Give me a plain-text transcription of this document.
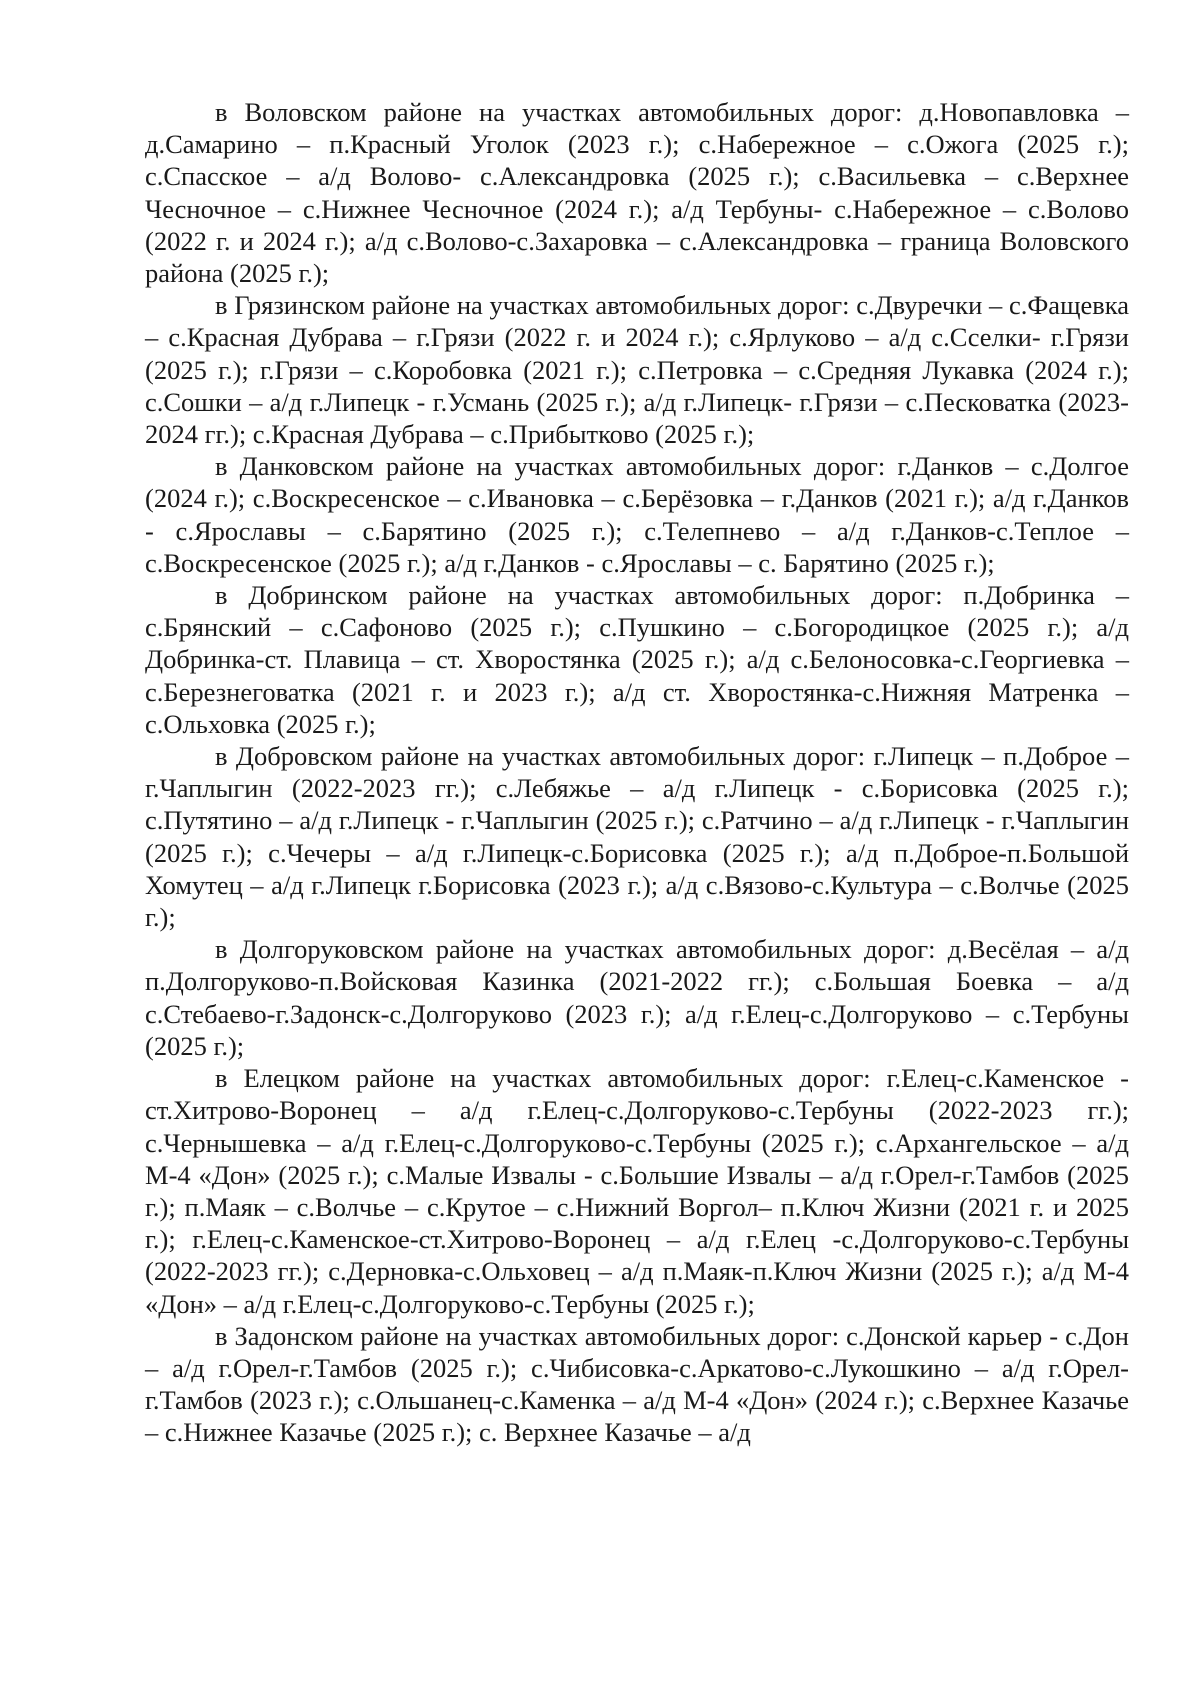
в Воловском районе на участках автомобильных дорог: д.Новопавловка – д.Самарино – п.Красный Уголок (2023 г.); с.Набережное – с.Ожога (2025 г.); с.Спасское – а/д Волово- с.Александровка (2025 г.); с.Васильевка – с.Верхнее Чесночное – с.Нижнее Чесночное (2024 г.); а/д Тербуны- с.Набережное – с.Волово (2022 г. и 2024 г.); а/д с.Волово-с.Захаровка – с.Александровка – граница Воловского района (2025 г.);

в Грязинском районе на участках автомобильных дорог: с.Двуречки – с.Фащевка – с.Красная Дубрава – г.Грязи (2022 г. и 2024 г.); с.Ярлуково – а/д с.Сселки- г.Грязи (2025 г.); г.Грязи – с.Коробовка (2021 г.); с.Петровка – с.Средняя Лукавка (2024 г.); с.Сошки – а/д г.Липецк - г.Усмань (2025 г.); а/д г.Липецк- г.Грязи – с.Песковатка (2023-2024 гг.); с.Красная Дубрава – с.Прибытково (2025 г.);

в Данковском районе на участках автомобильных дорог: г.Данков – с.Долгое (2024 г.); с.Воскресенское – с.Ивановка – с.Берёзовка – г.Данков (2021 г.); а/д г.Данков - с.Ярославы – с.Барятино (2025 г.); с.Телепнево – а/д г.Данков-с.Теплое – с.Воскресенское (2025 г.); а/д г.Данков - с.Ярославы – с. Барятино (2025 г.);

в Добринском районе на участках автомобильных дорог: п.Добринка – с.Брянский – с.Сафоново (2025 г.); с.Пушкино – с.Богородицкое (2025 г.); а/д Добринка-ст. Плавица – ст. Хворостянка (2025 г.); а/д с.Белоносовка-с.Георгиевка – с.Березнеговатка (2021 г. и 2023 г.); а/д ст. Хворостянка-с.Нижняя Матренка – с.Ольховка (2025 г.);

в Добровском районе на участках автомобильных дорог: г.Липецк – п.Доброе – г.Чаплыгин (2022-2023 гг.); с.Лебяжье – а/д г.Липецк - с.Борисовка (2025 г.); с.Путятино – а/д г.Липецк - г.Чаплыгин (2025 г.); с.Ратчино – а/д г.Липецк - г.Чаплыгин (2025 г.); с.Чечеры – а/д г.Липецк-с.Борисовка (2025 г.); а/д п.Доброе-п.Большой Хомутец – а/д г.Липецк г.Борисовка (2023 г.); а/д с.Вязово-с.Культура – с.Волчье (2025 г.);

в Долгоруковском районе на участках автомобильных дорог: д.Весёлая – а/д п.Долгоруково-п.Войсковая Казинка (2021-2022 гг.); с.Большая Боевка – а/д с.Стебаево-г.Задонск-с.Долгоруково (2023 г.); а/д г.Елец-с.Долгоруково – с.Тербуны (2025 г.);

в Елецком районе на участках автомобильных дорог: г.Елец-с.Каменское - ст.Хитрово-Воронец – а/д г.Елец-с.Долгоруково-с.Тербуны (2022-2023 гг.); с.Чернышевка – а/д г.Елец-с.Долгоруково-с.Тербуны (2025 г.); с.Архангельское – а/д М-4 «Дон» (2025 г.); с.Малые Извалы - с.Большие Извалы – а/д г.Орел-г.Тамбов (2025 г.); п.Маяк – с.Волчье – с.Крутое – с.Нижний Воргол– п.Ключ Жизни (2021 г. и 2025 г.); г.Елец-с.Каменское-ст.Хитрово-Воронец – а/д г.Елец -с.Долгоруково-с.Тербуны (2022-2023 гг.); с.Дерновка-с.Ольховец – а/д п.Маяк-п.Ключ Жизни (2025 г.); а/д М-4 «Дон» – а/д г.Елец-с.Долгоруково-с.Тербуны (2025 г.);

в Задонском районе на участках автомобильных дорог: с.Донской карьер - с.Дон – а/д г.Орел-г.Тамбов (2025 г.); с.Чибисовка-с.Аркатово-с.Лукошкино – а/д г.Орел-г.Тамбов (2023 г.); с.Ольшанец-с.Каменка – а/д М-4 «Дон» (2024 г.); с.Верхнее Казачье – с.Нижнее Казачье (2025 г.); с. Верхнее Казачье – а/д
